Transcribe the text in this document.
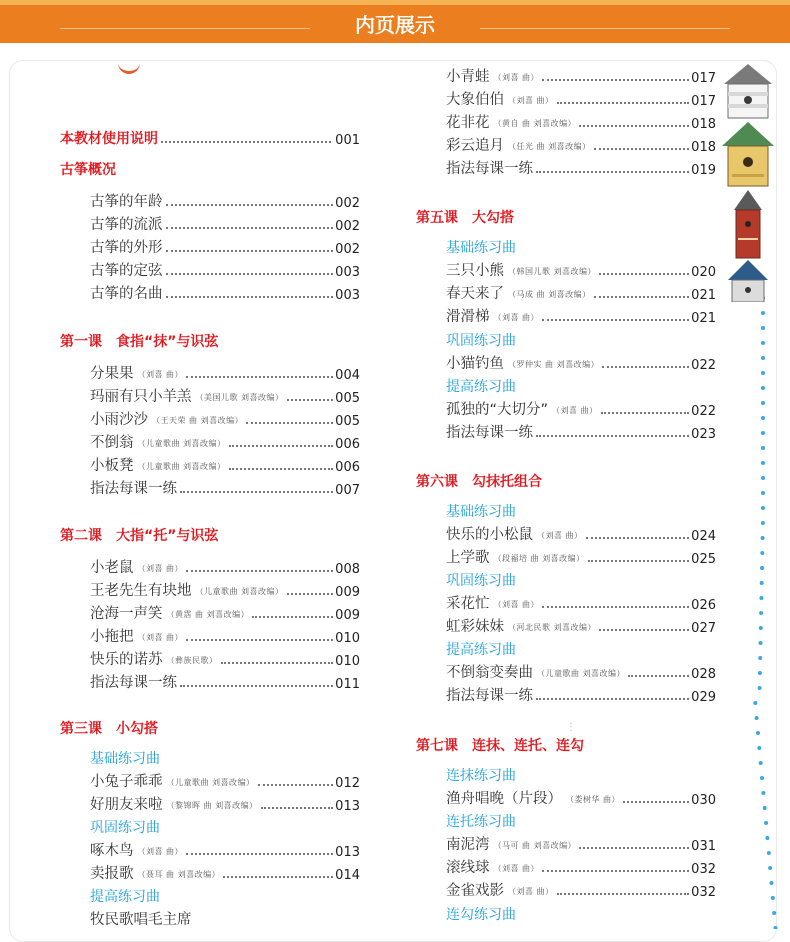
内页展示
⋮
本教材使用说明	001
古筝概况
古筝的年龄	002
古筝的流派	002
古筝的外形	002
古筝的定弦	003
古筝的名曲	003
第一课 食指“抹”与识弦
分果果 （刘喜 曲）	004
玛丽有只小羊羔 （美国儿歌 刘喜改编）	005
小雨沙沙 （王天荣 曲 刘喜改编）	005
不倒翁 （儿童歌曲 刘喜改编）	006
小板凳 （儿童歌曲 刘喜改编）	006
指法每课一练	007
第二课 大指“托”与识弦
小老鼠 （刘喜 曲）	008
王老先生有块地 （儿童歌曲 刘喜改编）	009
沧海一声笑 （黄霑 曲 刘喜改编）	009
小拖把 （刘喜 曲）	010
快乐的诺苏 （彝族民歌）	010
指法每课一练	011
第三课 小勾搭
基础练习曲
小兔子乖乖 （儿童歌曲 刘喜改编）	012
好朋友来啦 （黎锦晖 曲 刘喜改编）	013
巩固练习曲
啄木鸟 （刘喜 曲）	013
卖报歌 （聂耳 曲 刘喜改编）	014
提高练习曲
牧民歌唱毛主席
小青蛙 （刘喜 曲）	017
大象伯伯 （刘喜 曲）	017
花非花 （黄自 曲 刘喜改编）	018
彩云追月 （任光 曲 刘喜改编）	018
指法每课一练	019
第五课 大勾搭
基础练习曲
三只小熊 （韩国儿歌 刘喜改编）	020
春天来了 （马成 曲 刘喜改编）	021
滑滑梯 （刘喜 曲）	021
巩固练习曲
小猫钓鱼 （罗仲实 曲 刘喜改编）	022
提高练习曲
孤独的“大切分” （刘喜 曲）	022
指法每课一练	023
第六课 勾抹托组合
基础练习曲
快乐的小松鼠 （刘喜 曲）	024
上学歌 （段福培 曲 刘喜改编）	025
巩固练习曲
采花忙 （刘喜 曲）	026
虹彩妹妹 （河北民歌 刘喜改编）	027
提高练习曲
不倒翁变奏曲 （儿童歌曲 刘喜改编）	028
指法每课一练	029
第七课 连抹、连托、连勾
连抹练习曲
渔舟唱晚（片段） （娄树华 曲）	030
连托练习曲
南泥湾 （马可 曲 刘喜改编）	031
滚线球 （刘喜 曲）	032
金雀戏影 （刘喜 曲）	032
连勾练习曲
